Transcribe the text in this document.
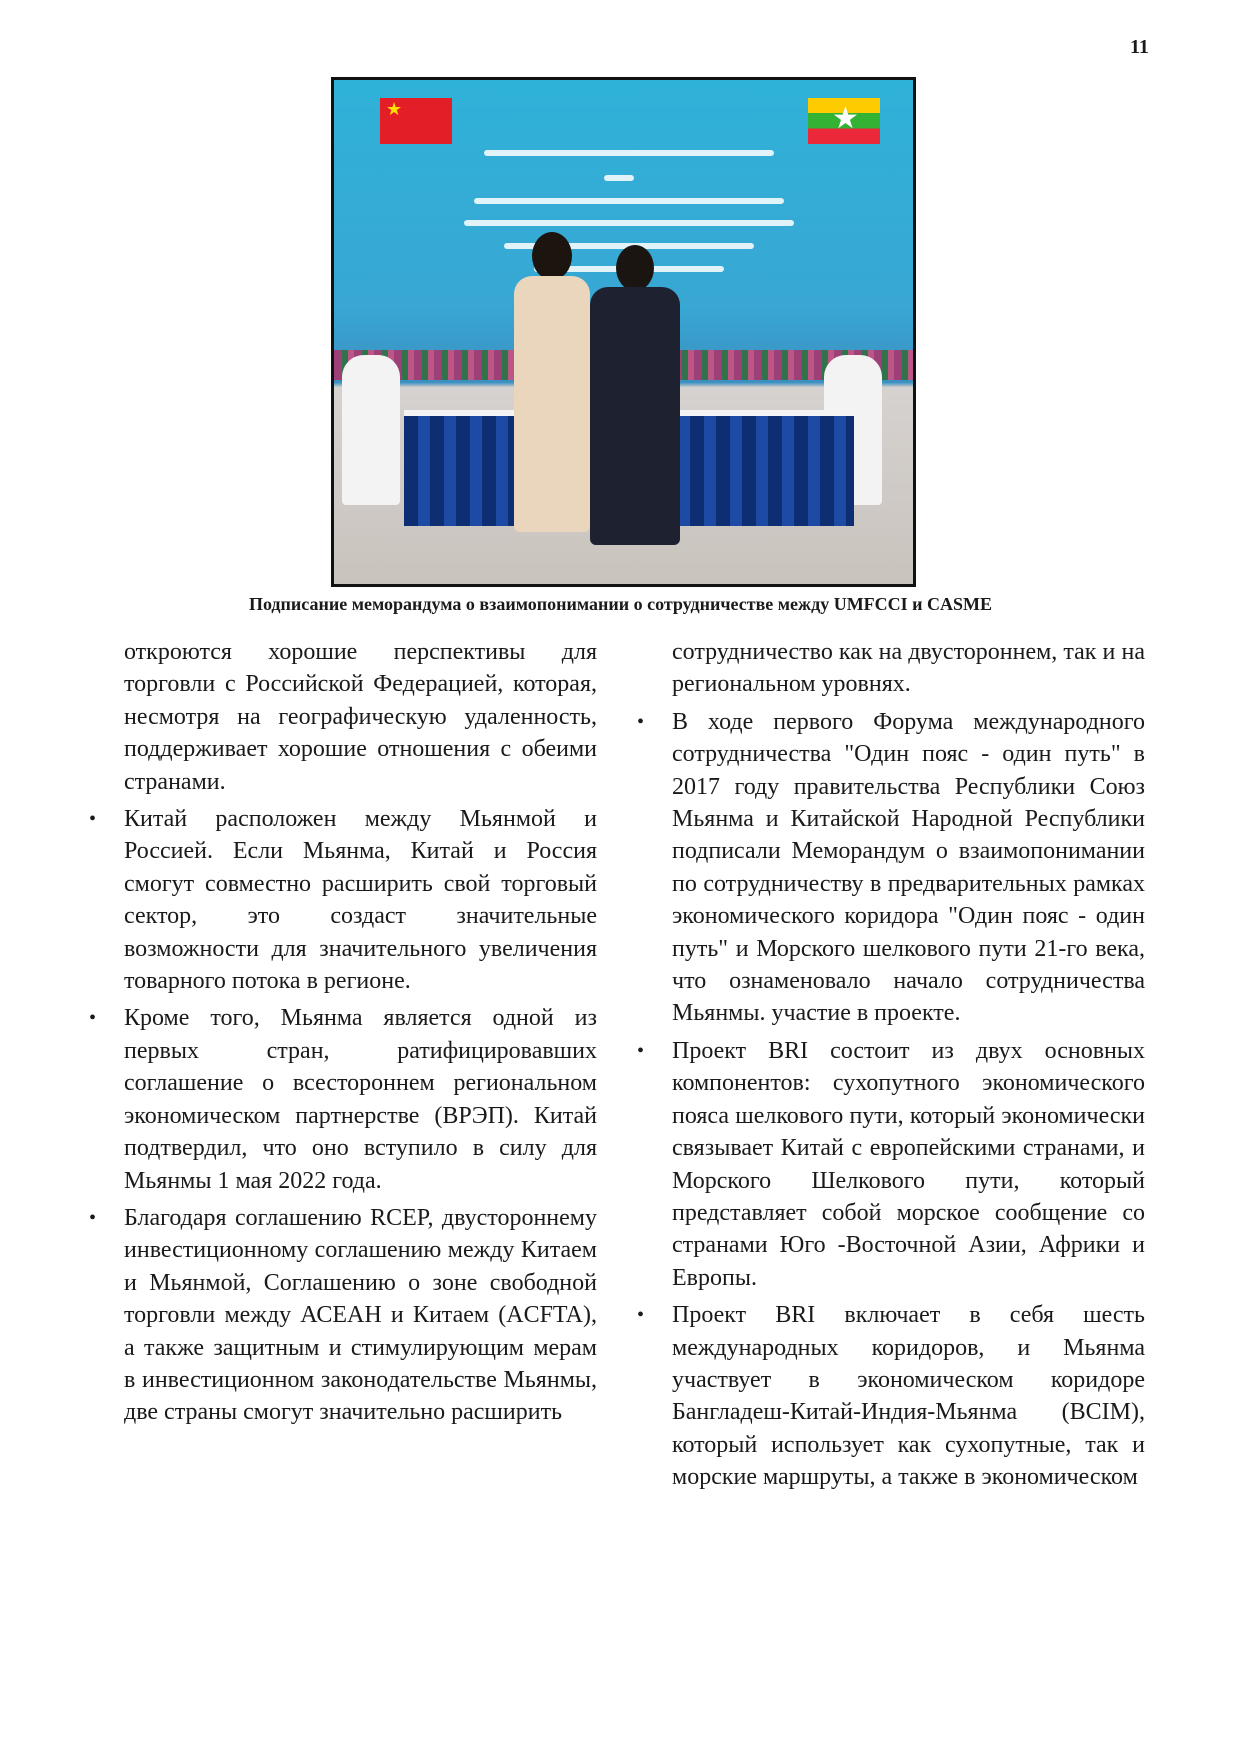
11
★	★
Подписание меморандума о взаимопонимании о сотрудничестве между UMFCCI и CASME

откроются хорошие перспективы для торговли с Российской Федерацией, которая, несмотря на географическую удаленность, поддерживает хорошие отношения с обеими странами.

• Китай расположен между Мьянмой и Россией. Если Мьянма, Китай и Россия смогут совместно расширить свой торговый сектор, это создаст значительные возможности для значительного увеличения товарного потока в регионе.
• Кроме того, Мьянма является одной из первых стран, ратифицировавших соглашение о всестороннем региональном экономическом партнерстве (ВРЭП). Китай подтвердил, что оно вступило в силу для Мьянмы 1 мая 2022 года.
• Благодаря соглашению RCEP, двустороннему инвестиционному соглашению между Китаем и Мьянмой, Соглашению о зоне свободной торговли между АСЕАН и Китаем (ACFTA), а также защитным и стимулирующим мерам в инвестиционном законодательстве Мьянмы, две страны смогут значительно расширить

сотрудничество как на двустороннем, так и на региональном уровнях.

• В ходе первого Форума международного сотрудничества "Один пояс - один путь" в 2017 году правительства Республики Союз Мьянма и Китайской Народной Республики подписали Меморандум о взаимопонимании по сотрудничеству в предварительных рамках экономического коридора "Один пояс - один путь" и Морского шелкового пути 21-го века, что ознаменовало начало сотрудничества Мьянмы. участие в проекте.
• Проект BRI состоит из двух основных компонентов: сухопутного экономического пояса шелкового пути, который экономически связывает Китай с европейскими странами, и Морского Шелкового пути, который представляет собой морское сообщение со странами Юго -Восточной Азии, Африки и Европы.
• Проект BRI включает в себя шесть международных коридоров, и Мьянма участвует в экономическом коридоре Бангладеш-Китай-Индия-Мьянма (BCIM), который использует как сухопутные, так и морские маршруты, а также в экономическом
